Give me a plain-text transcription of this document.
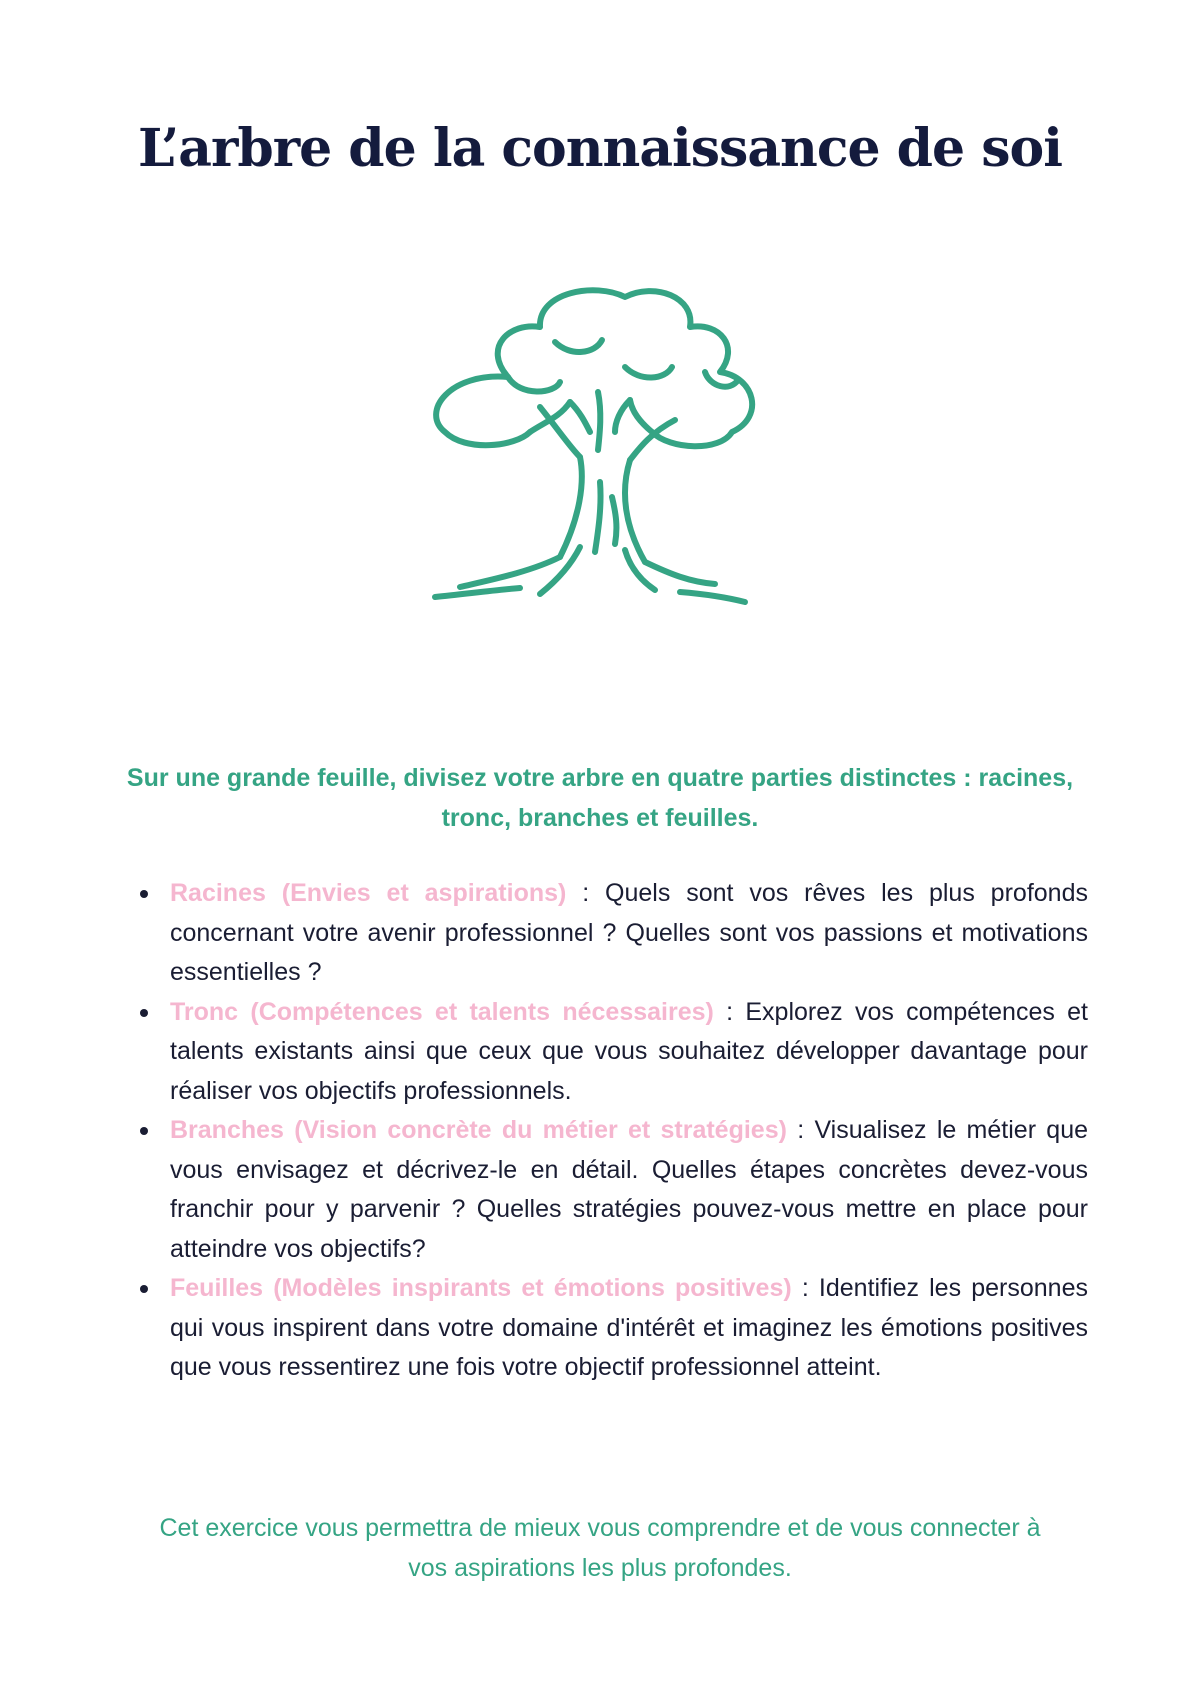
L’arbre de la connaissance de soi

Sur une grande feuille, divisez votre arbre en quatre parties distinctes : racines, tronc, branches et feuilles.

Racines (Envies et aspirations) : Quels sont vos rêves les plus profonds concernant votre avenir professionnel ? Quelles sont vos passions et motivations essentielles ?
Tronc (Compétences et talents nécessaires) : Explorez vos compétences et talents existants ainsi que ceux que vous souhaitez développer davantage pour réaliser vos objectifs professionnels.
Branches (Vision concrète du métier et stratégies) : Visualisez le métier que vous envisagez et décrivez-le en détail. Quelles étapes concrètes devez-vous franchir pour y parvenir ? Quelles stratégies pouvez-vous mettre en place pour atteindre vos objectifs?
Feuilles (Modèles inspirants et émotions positives) : Identifiez les personnes qui vous inspirent dans votre domaine d'intérêt et imaginez les émotions positives que vous ressentirez une fois votre objectif professionnel atteint.

Cet exercice vous permettra de mieux vous comprendre et de vous connecter à vos aspirations les plus profondes.
